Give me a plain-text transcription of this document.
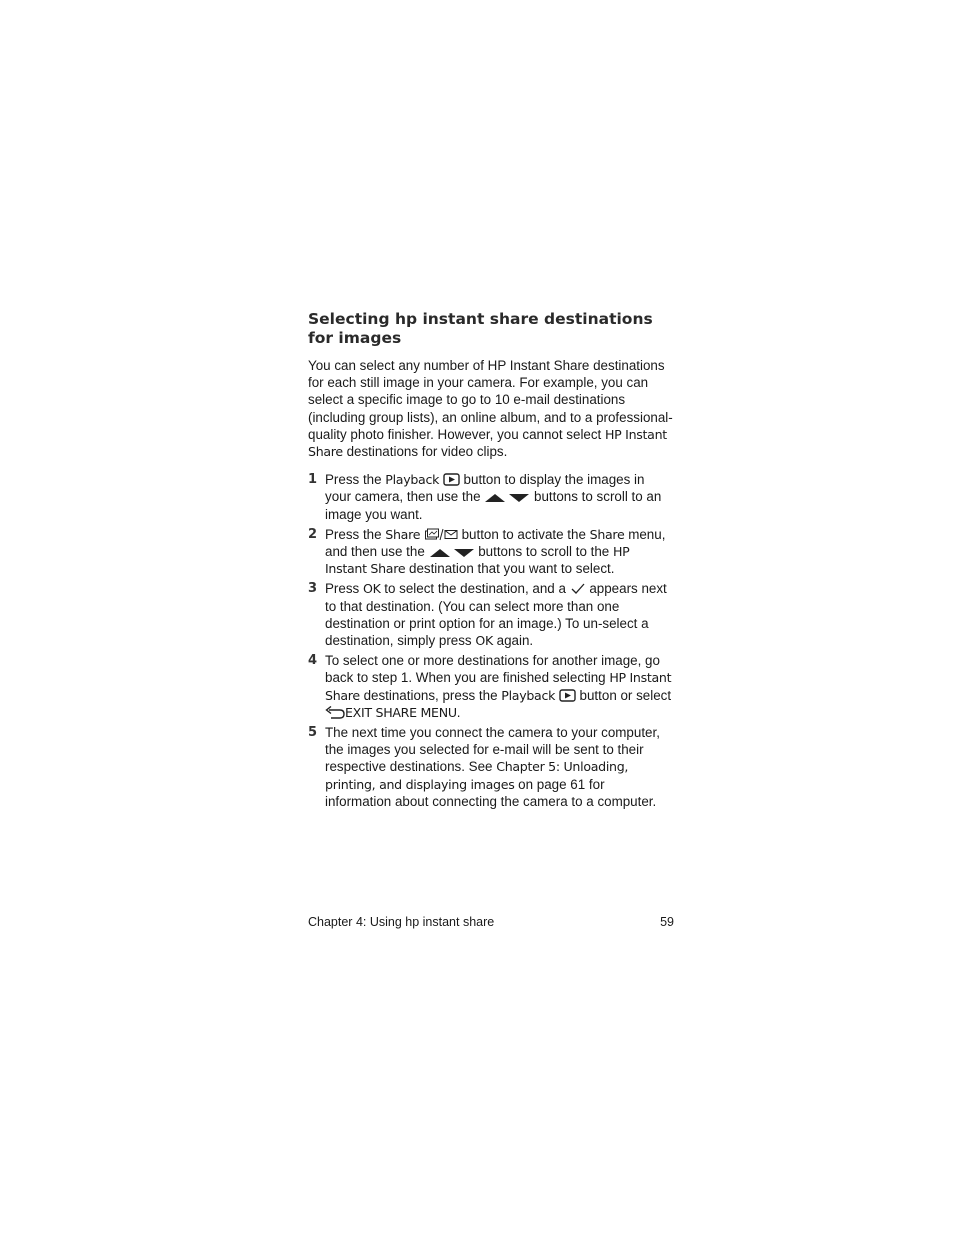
Selecting hp instant share destinations for images

You can select any number of HP Instant Share destinations for each still image in your camera. For example, you can select a specific image to go to 10 e-mail destinations (including group lists), an online album, and to a professional-quality photo finisher. However, you cannot select HP Instant Share destinations for video clips.

1 Press the Playback  button to display the images in your camera, then use the	buttons to scroll to an image you want.
2 Press the Share	button to activate the Share menu, and then use the	buttons to scroll to the HP Instant Share destination that you want to select.
3 Press OK to select the destination, and a  appears next to that destination. (You can select more than one destination or print option for an image.) To un-select a destination, simply press OK again.
4 To select one or more destinations for another image, go back to step 1. When you are finished selecting HP Instant Share destinations, press the Playback  button or select EXIT SHARE MENU.
5 The next time you connect the camera to your computer, the images you selected for e-mail will be sent to their respective destinations. See Chapter 5: Unloading, printing, and displaying images on page 61 for information about connecting the camera to a computer.
Chapter 4: Using hp instant share	59
